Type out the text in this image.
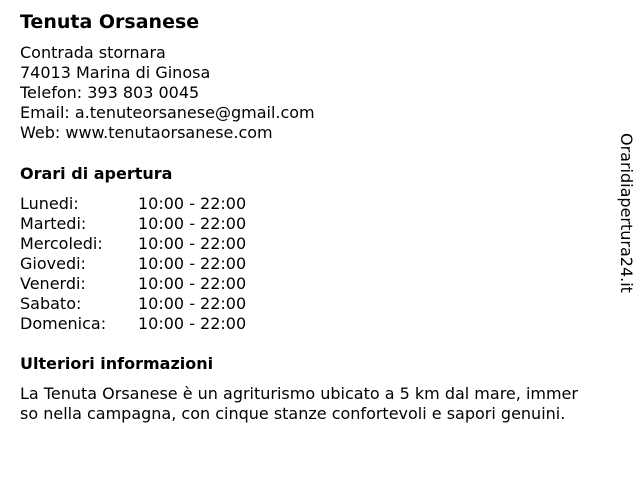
Tenuta Orsanese
Contrada stornara
74013 Marina di Ginosa
Telefon: 393 803 0045
Email: a.tenuteorsanese@gmail.com
Web: www.tenutaorsanese.com
Orari di apertura
Lunedi:	10:00 - 22:00
Martedi:	10:00 - 22:00
Mercoledi: 10:00 - 22:00
Giovedi:	10:00 - 22:00
Venerdi:	10:00 - 22:00
Sabato:	10:00 - 22:00
Domenica: 10:00 - 22:00
Ulteriori informazioni
La Tenuta Orsanese è un agriturismo ubicato a 5 km dal mare, immer
so nella campagna, con cinque stanze confortevoli e sapori genuini.
Oraridiapertura24.it
